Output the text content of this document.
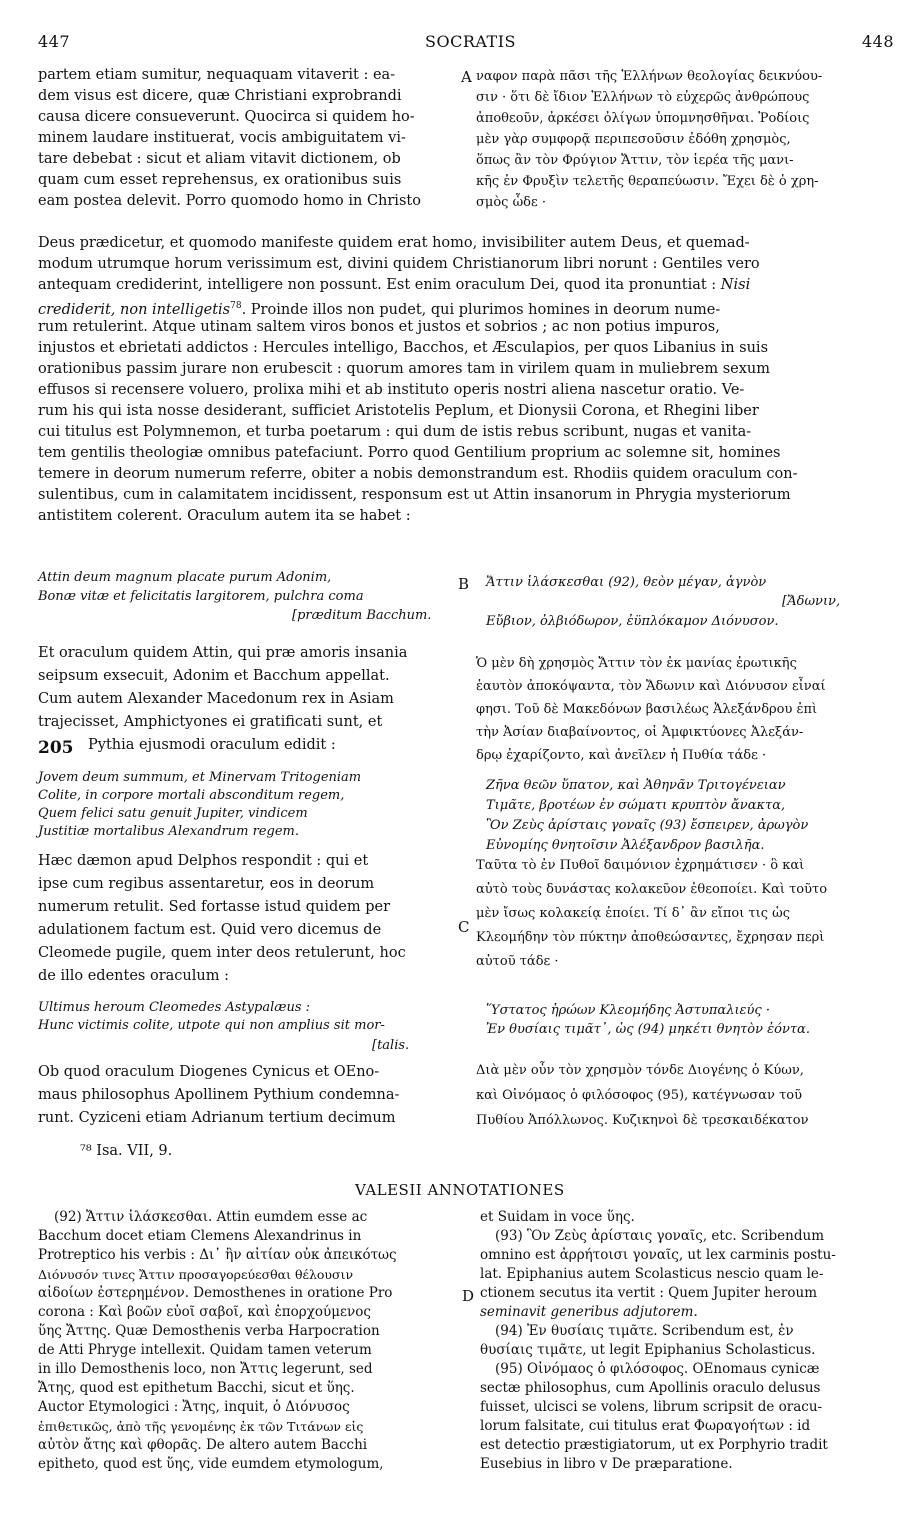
447	SOCRATIS	448
A
B
C
D
205
partem etiam sumitur, nequaquam vitaverit : ea-
dem visus est dicere, quæ Christiani exprobrandi
causa dicere consueverunt. Quocirca si quidem ho-
minem laudare instituerat, vocis ambiguitatem vi-
tare debebat : sicut et aliam vitavit dictionem, ob
quam cum esset reprehensus, ex orationibus suis
eam postea delevit. Porro quomodo homo in Christo
ναφον παρὰ πᾶσι τῆς Ἑλλήνων θεολογίας δεικνύου-
σιν · ὅτι δὲ ἴδιον Ἑλλήνων τὸ εὐχερῶς ἀνθρώπους
ἀποθεοῦν, ἀρκέσει ὀλίγων ὑπομνησθῆναι. Ῥοδίοις
μὲν γὰρ συμφορᾷ περιπεσοῦσιν ἐδόθη χρησμὸς,
ὅπως ἂν τὸν Φρύγιον Ἄττιν, τὸν ἱερέα τῆς μανι-
κῆς ἐν Φρυξὶν τελετῆς θεραπεύωσιν. Ἔχει δὲ ὁ χρη-
σμὸς ὧδε ·
Deus prædicetur, et quomodo manifeste quidem erat homo, invisibiliter autem Deus, et quemad-
modum utrumque horum verissimum est, divini quidem Christianorum libri norunt : Gentiles vero
antequam crediderint, intelligere non possunt. Est enim oraculum Dei, quod ita pronuntiat : Nisi
crediderit, non intelligetis$^{78}$. Proinde illos non pudet, qui plurimos homines in deorum nume-
rum retulerint. Atque utinam saltem viros bonos et justos et sobrios ; ac non potius impuros,
injustos et ebrietati addictos : Hercules intelligo, Bacchos, et Æsculapios, per quos Libanius in suis
orationibus passim jurare non erubescit : quorum amores tam in virilem quam in muliebrem sexum
effusos si recensere voluero, prolixa mihi et ab instituto operis nostri aliena nascetur oratio. Ve-
rum his qui ista nosse desiderant, sufficiet Aristotelis Peplum, et Dionysii Corona, et Rhegini liber
cui titulus est Polymnemon, et turba poetarum : qui dum de istis rebus scribunt, nugas et vanita-
tem gentilis theologiæ omnibus patefaciunt. Porro quod Gentilium proprium ac solemne sit, homines
temere in deorum numerum referre, obiter a nobis demonstrandum est. Rhodiis quidem oraculum con-
sulentibus, cum in calamitatem incidissent, responsum est ut Attin insanorum in Phrygia mysteriorum
antistitem colerent. Oraculum autem ita se habet :
Attin deum magnum placate purum Adonim,
Bonæ vitæ et felicitatis largitorem, pulchra coma
[præditum Bacchum.
Ἄττιν ἱλάσκεσθαι (92), θεὸν μέγαν, ἁγνὸν
[Ἄδωνιν,
Εὔβιον, ὀλβιόδωρον, ἐϋπλόκαμον Διόνυσον.
Et oraculum quidem Attin, qui præ amoris insania
seipsum exsecuit, Adonim et Bacchum appellat.
Cum autem Alexander Macedonum rex in Asiam
trajecisset, Amphictyones ei gratificati sunt, et
Pythia ejusmodi oraculum edidit :
Ὁ μὲν δὴ χρησμὸς Ἄττιν τὸν ἐκ μανίας ἐρωτικῆς
ἑαυτὸν ἀποκόψαντα, τὸν Ἄδωνιν καὶ Διόνυσον εἶναί
φησι. Τοῦ δὲ Μακεδόνων βασιλέως Ἀλεξάνδρου ἐπὶ
τὴν Ἀσίαν διαβαίνοντος, οἱ Ἀμφικτύονες Ἀλεξάν-
δρῳ ἐχαρίζοντο, καὶ ἀνεῖλεν ἡ Πυθία τάδε ·
Jovem deum summum, et Minervam Tritogeniam
Colite, in corpore mortali absconditum regem,
Quem felici satu genuit Jupiter, vindicem
Justitiæ mortalibus Alexandrum regem.
Ζῆνα θεῶν ὕπατον, καὶ Ἀθηνᾶν Τριτογένειαν
Τιμᾶτε, βροτέων ἐν σώματι κρυπτὸν ἄνακτα,
Ὃν Ζεὺς ἀρίσταις γοναῖς (93) ἔσπειρεν, ἀρωγὸν
Εὐνομίης θνητοῖσιν Ἀλέξανδρον βασιλῆα.
Hæc dæmon apud Delphos respondit : qui et
ipse cum regibus assentaretur, eos in deorum
numerum retulit. Sed fortasse istud quidem per
adulationem factum est. Quid vero dicemus de
Cleomede pugile, quem inter deos retulerunt, hoc
de illo edentes oraculum :
Ταῦτα τὸ ἐν Πυθοῖ δαιμόνιον ἐχρημάτισεν · ὃ καὶ
αὐτὸ τοὺς δυνάστας κολακεῦον ἐθεοποίει. Καὶ τοῦτο
μὲν ἴσως κολακείᾳ ἐποίει. Τί δ᾽ ἂν εἴποι τις ὡς
Κλεομήδην τὸν πύκτην ἀποθεώσαντες, ἔχρησαν περὶ
αὐτοῦ τάδε ·
Ultimus heroum Cleomedes Astypalæus :
Hunc victimis colite, utpote qui non amplius sit mor-
[talis.
Ὕστατος ἡρώων Κλεομήδης Ἀστυπαλιεύς ·
Ἐν θυσίαις τιμᾶτ᾽, ὡς (94) μηκέτι θνητὸν ἐόντα.
Ob quod oraculum Diogenes Cynicus et OEno-
maus philosophus Apollinem Pythium condemna-
runt. Cyziceni etiam Adrianum tertium decimum
Διὰ μὲν οὖν τὸν χρησμὸν τόνδε Διογένης ὁ Κύων,
καὶ Οἰνόμαος ὁ φιλόσοφος (95), κατέγνωσαν τοῦ
Πυθίου Ἀπόλλωνος. Κυζικηνοὶ δὲ τρεσκαιδέκατον
⁷⁸ Isa. VII, 9.
VALESII ANNOTATIONES
(92) Ἄττιν ἱλάσκεσθαι. Attin eumdem esse ac
Bacchum docet etiam Clemens Alexandrinus in
Protreptico his verbis : Δι᾽ ἣν αἰτίαν οὐκ ἀπεικότως
Διόνυσόν τινες Ἄττιν προσαγορεύεσθαι θέλουσιν
αἰδοίων ἐστερημένον. Demosthenes in oratione Pro
corona : Καὶ βοῶν εὐοῖ σαβοῖ, καὶ ἐπορχούμενος
ὕης Ἄττης. Quæ Demosthenis verba Harpocration
de Atti Phryge intellexit. Quidam tamen veterum
in illo Demosthenis loco, non Ἄττις legerunt, sed
Ἄτης, quod est epithetum Bacchi, sicut et ὕης.
Auctor Etymologici : Ἄτης, inquit, ὁ Διόνυσος
ἐπιθετικῶς, ἀπὸ τῆς γενομένης ἐκ τῶν Τιτάνων εἰς
αὐτὸν ἄτης καὶ φθορᾶς. De altero autem Bacchi
epitheto, quod est ὕης, vide eumdem etymologum,
et Suidam in voce ὕης.
(93) Ὃν Ζεὺς ἀρίσταις γοναῖς, etc. Scribendum
omnino est ἀρρήτοισι γοναῖς, ut lex carminis postu-
lat. Epiphanius autem Scolasticus nescio quam le-
ctionem secutus ita vertit : Quem Jupiter heroum
seminavit generibus adjutorem.
(94) Ἐν θυσίαις τιμᾶτε. Scribendum est, ἐν
θυσίαις τιμᾶτε, ut legit Epiphanius Scholasticus.
(95) Οἰνόμαος ὁ φιλόσοφος. OEnomaus cynicæ
sectæ philosophus, cum Apollinis oraculo delusus
fuisset, ulcisci se volens, librum scripsit de oracu-
lorum falsitate, cui titulus erat Φωραγοήτων : id
est detectio præstigiatorum, ut ex Porphyrio tradit
Eusebius in libro v De præparatione.
